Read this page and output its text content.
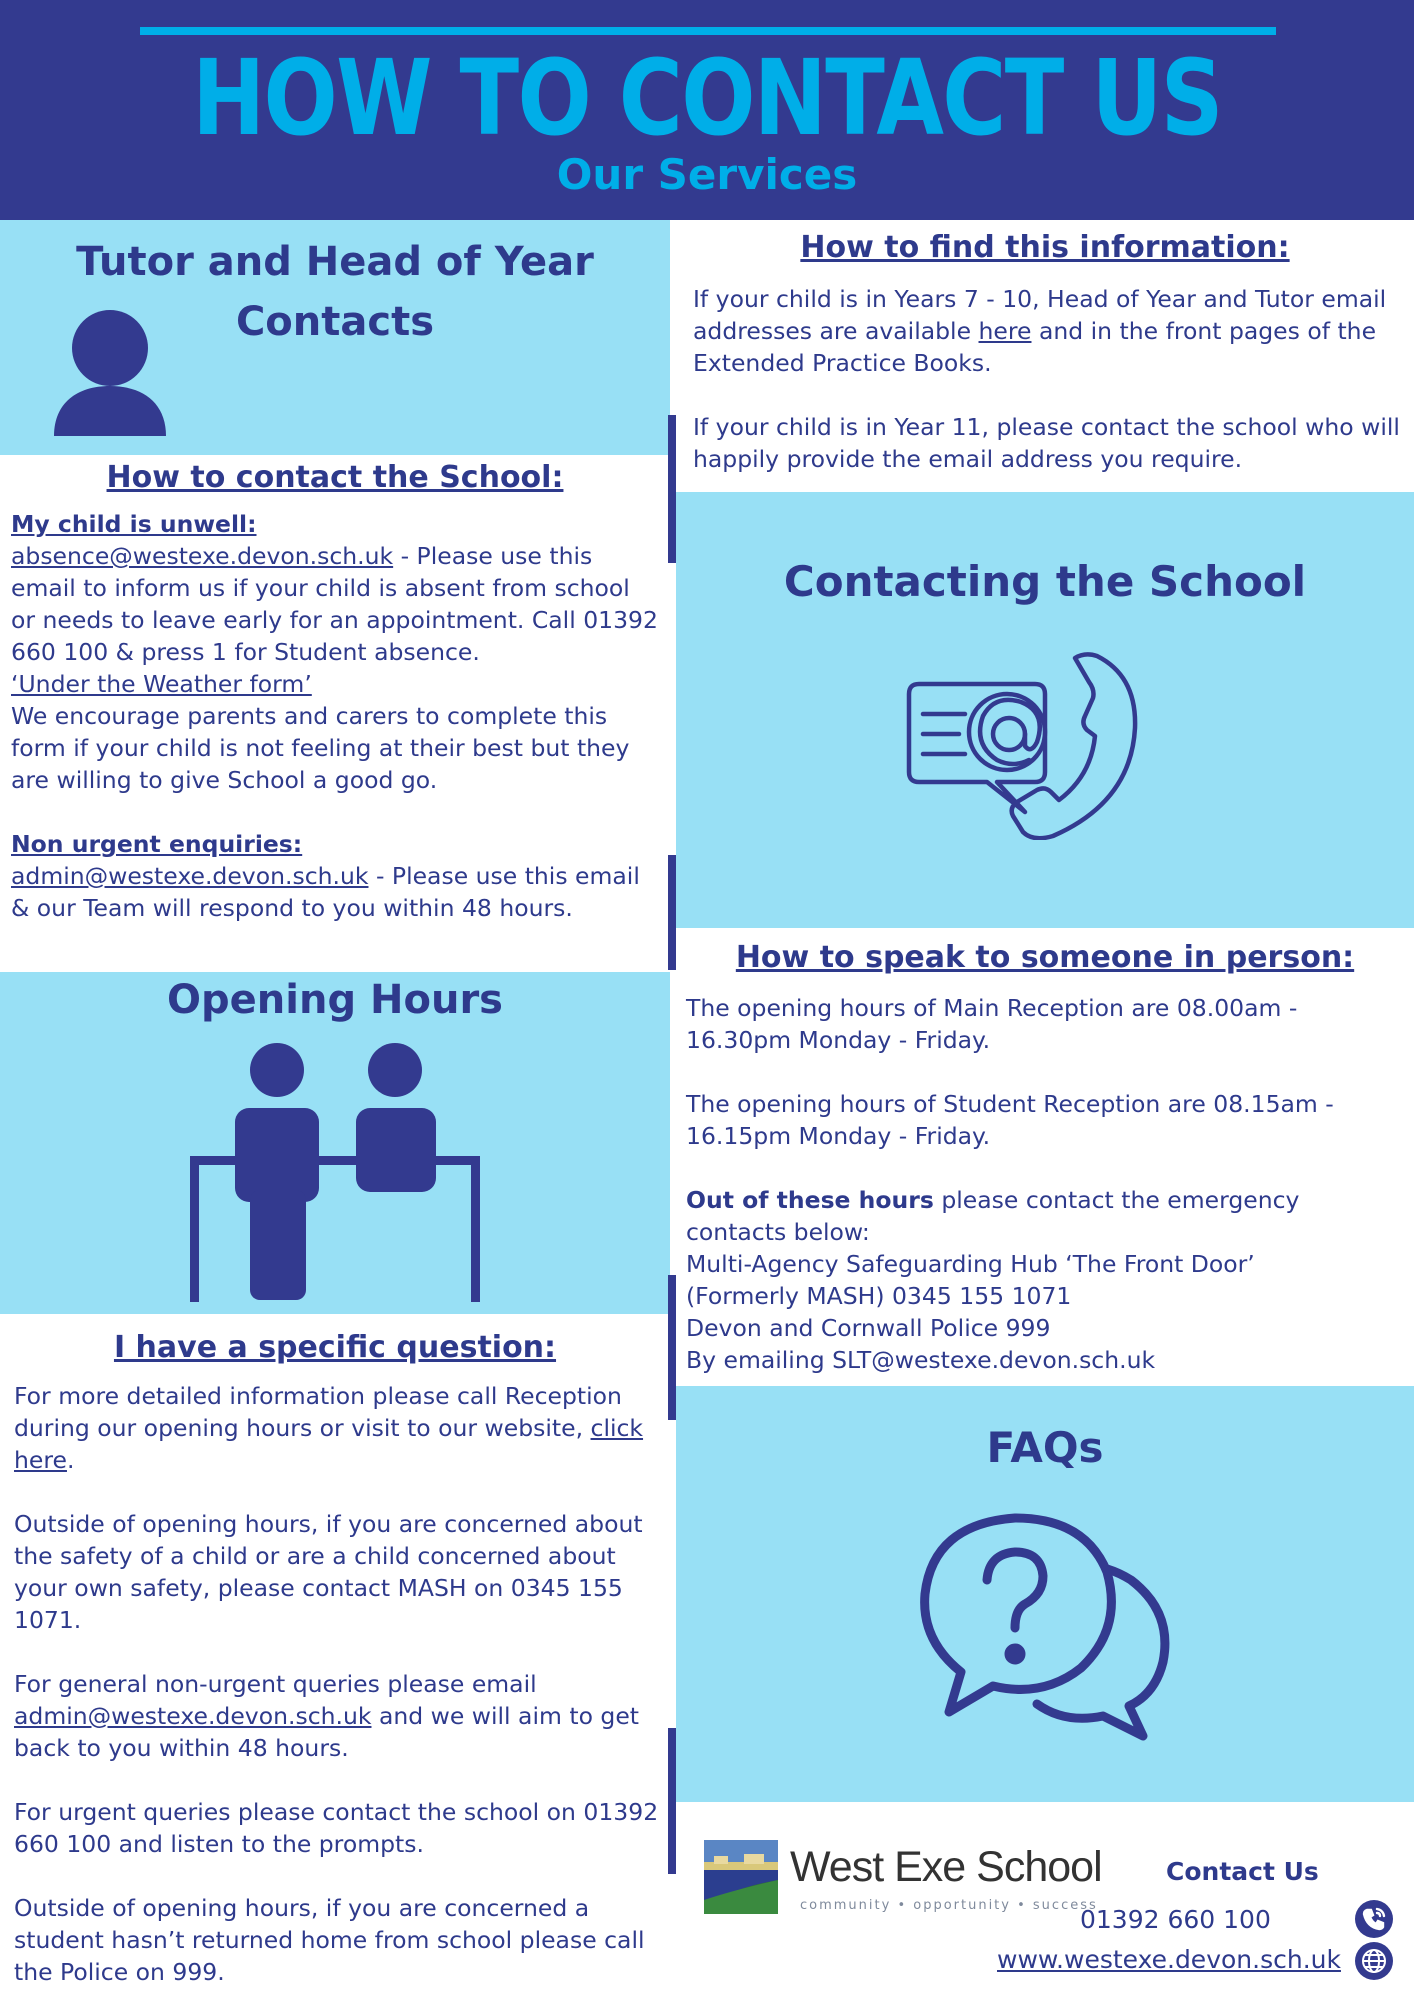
HOW TO CONTACT US
Our Services
Tutor and Head of Year
Contacts
How to contact the School:
My child is unwell:
absence@westexe.devon.sch.uk - Please use this email to inform us if your child is absent from school or needs to leave early for an appointment. Call 01392 660 100 & press 1 for Student absence.
‘Under the Weather form’
We encourage parents and carers to complete this form if your child is not feeling at their best but they are willing to give School a good go.
Non urgent enquiries:
admin@westexe.devon.sch.uk - Please use this email & our Team will respond to you within 48 hours.
Opening Hours
I have a specific question:
For more detailed information please call Reception during our opening hours or visit to our website, click here.
Outside of opening hours, if you are concerned about the safety of a child or are a child concerned about your own safety, please contact MASH on 0345 155 1071.
For general non-urgent queries please email admin@westexe.devon.sch.uk and we will aim to get back to you within 48 hours.
For urgent queries please contact the school on 01392 660 100 and listen to the prompts.
Outside of opening hours, if you are concerned a student hasn’t returned home from school please call the Police on 999.
How to find this information:
If your child is in Years 7 - 10, Head of Year and Tutor email addresses are available here and in the front pages of the Extended Practice Books.
If your child is in Year 11, please contact the school who will happily provide the email address you require.
Contacting the School
How to speak to someone in person:
The opening hours of Main Reception are 08.00am - 16.30pm Monday - Friday.
The opening hours of Student Reception are 08.15am - 16.15pm Monday - Friday.
Out of these hours please contact the emergency contacts below:
Multi-Agency Safeguarding Hub ‘The Front Door’
(Formerly MASH) 0345 155 1071
Devon and Cornwall Police 999
By emailing SLT@westexe.devon.sch.uk
FAQs
West Exe School
community • opportunity • success
Contact Us
01392 660 100
www.westexe.devon.sch.uk
